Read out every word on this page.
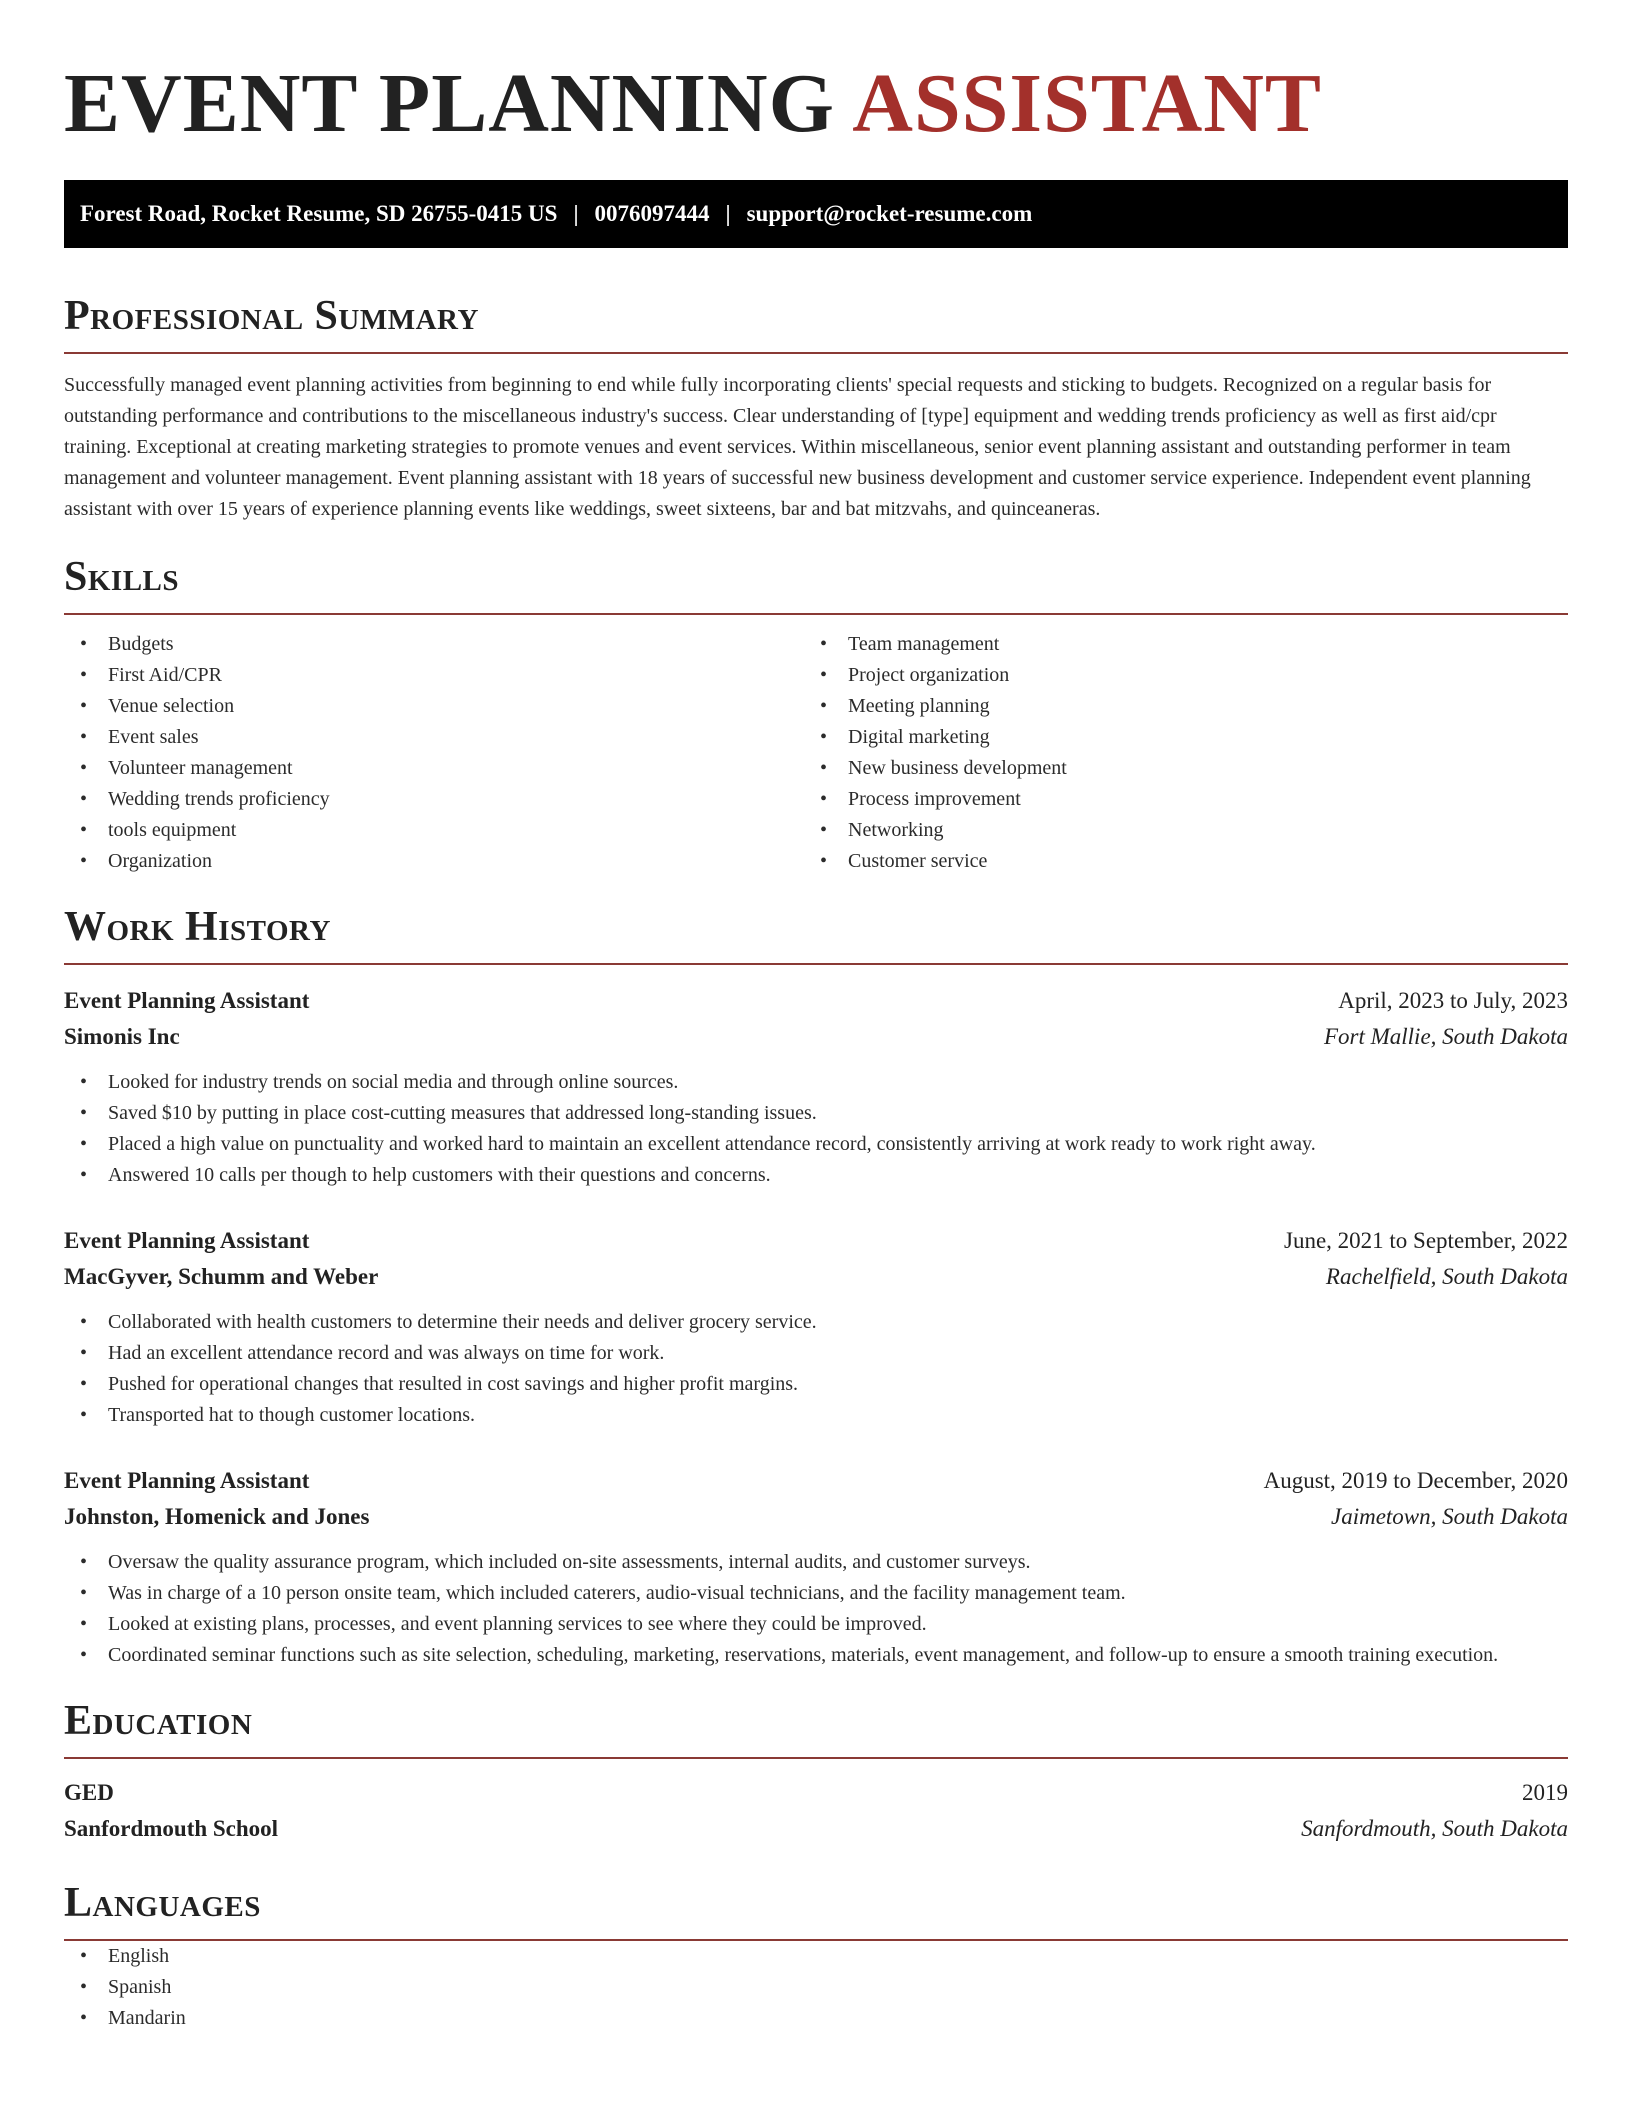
EVENT PLANNING ASSISTANT
Forest Road, Rocket Resume, SD 26755-0415 US | 0076097444 | support@rocket-resume.com
Professional Summary

Successfully managed event planning activities from beginning to end while fully incorporating clients' special requests and sticking to budgets. Recognized on a regular basis for outstanding performance and contributions to the miscellaneous industry's success. Clear understanding of [type] equipment and wedding trends proficiency as well as first aid/cpr training. Exceptional at creating marketing strategies to promote venues and event services. Within miscellaneous, senior event planning assistant and outstanding performer in team management and volunteer management. Event planning assistant with 18 years of successful new business development and customer service experience. Independent event planning assistant with over 15 years of experience planning events like weddings, sweet sixteens, bar and bat mitzvahs, and quinceaneras.

Skills
• Budgets
• First Aid/CPR
• Venue selection
• Event sales
• Volunteer management
• Wedding trends proficiency
• tools equipment
• Organization
• Team management
• Project organization
• Meeting planning
• Digital marketing
• New business development
• Process improvement
• Networking
• Customer service
Work History
Event Planning Assistant	April, 2023 to July, 2023
Simonis Inc	Fort Mallie, South Dakota
• Looked for industry trends on social media and through online sources.
• Saved $10 by putting in place cost-cutting measures that addressed long-standing issues.
• Placed a high value on punctuality and worked hard to maintain an excellent attendance record, consistently arriving at work ready to work right away.
• Answered 10 calls per though to help customers with their questions and concerns.
Event Planning Assistant	June, 2021 to September, 2022
MacGyver, Schumm and Weber	Rachelfield, South Dakota
• Collaborated with health customers to determine their needs and deliver grocery service.
• Had an excellent attendance record and was always on time for work.
• Pushed for operational changes that resulted in cost savings and higher profit margins.
• Transported hat to though customer locations.
Event Planning Assistant	August, 2019 to December, 2020
Johnston, Homenick and Jones	Jaimetown, South Dakota
• Oversaw the quality assurance program, which included on-site assessments, internal audits, and customer surveys.
• Was in charge of a 10 person onsite team, which included caterers, audio-visual technicians, and the facility management team.
• Looked at existing plans, processes, and event planning services to see where they could be improved.
• Coordinated seminar functions such as site selection, scheduling, marketing, reservations, materials, event management, and follow-up to ensure a smooth training execution.
Education
GED	2019
Sanfordmouth School	Sanfordmouth, South Dakota
Languages
• English
• Spanish
• Mandarin
